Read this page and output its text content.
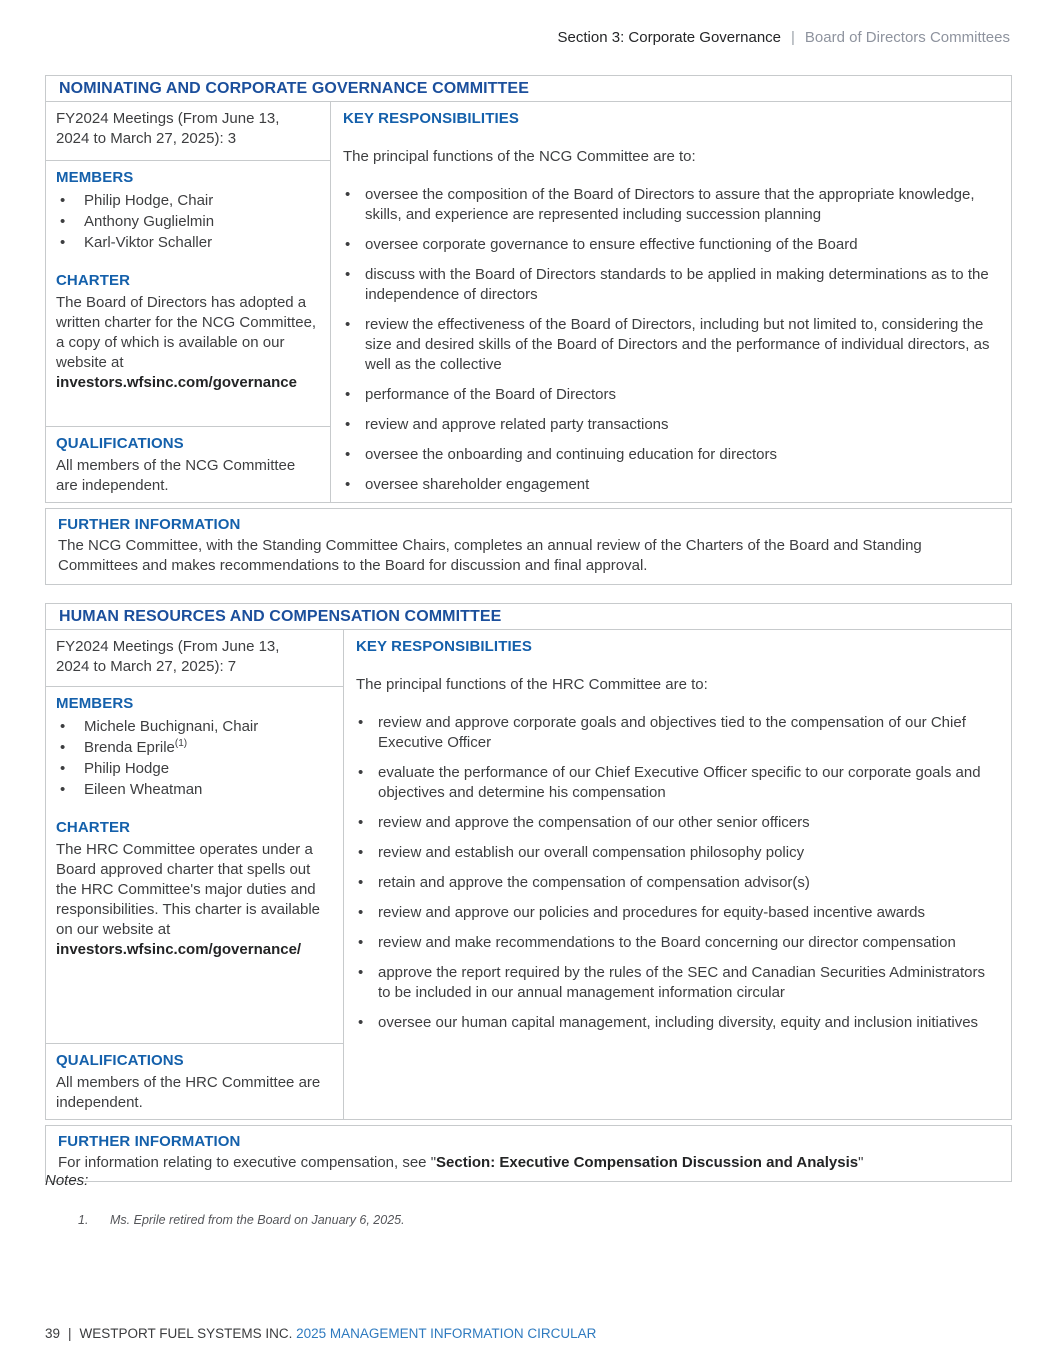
Section 3: Corporate Governance | Board of Directors Committees
NOMINATING AND CORPORATE GOVERNANCE COMMITTEE
FY2024 Meetings (From June 13, 2024 to March 27, 2025): 3
MEMBERS
•	Philip Hodge, Chair
•	Anthony Guglielmin
•	Karl-Viktor Schaller
CHARTER
The Board of Directors has adopted a written charter for the NCG Committee, a copy of which is available on our website at investors.wfsinc.com/governance
QUALIFICATIONS
All members of the NCG Committee are independent.
KEY RESPONSIBILITIES
The principal functions of the NCG Committee are to:
• oversee the composition of the Board of Directors to assure that the appropriate knowledge, skills, and experience are represented including succession planning
• oversee corporate governance to ensure effective functioning of the Board
• discuss with the Board of Directors standards to be applied in making determinations as to the independence of directors
• review the effectiveness of the Board of Directors, including but not limited to, considering the size and desired skills of the Board of Directors and the performance of individual directors, as well as the collective
• performance of the Board of Directors
• review and approve related party transactions
• oversee the onboarding and continuing education for directors
• oversee shareholder engagement
FURTHER INFORMATION
The NCG Committee, with the Standing Committee Chairs, completes an annual review of the Charters of the Board and Standing Committees and makes recommendations to the Board for discussion and final approval.
HUMAN RESOURCES AND COMPENSATION COMMITTEE
FY2024 Meetings (From June 13, 2024 to March 27, 2025): 7
MEMBERS
•	Michele Buchignani, Chair
•	Brenda Eprile$^{(1)}$
•	Philip Hodge
•	Eileen Wheatman
CHARTER
The HRC Committee operates under a Board approved charter that spells out the HRC Committee's major duties and responsibilities. This charter is available on our website at investors.wfsinc.com/governance/
QUALIFICATIONS
All members of the HRC Committee are independent.
KEY RESPONSIBILITIES
The principal functions of the HRC Committee are to:
• review and approve corporate goals and objectives tied to the compensation of our Chief Executive Officer
• evaluate the performance of our Chief Executive Officer specific to our corporate goals and objectives and determine his compensation
• review and approve the compensation of our other senior officers
• review and establish our overall compensation philosophy policy
• retain and approve the compensation of compensation advisor(s)
• review and approve our policies and procedures for equity-based incentive awards
• review and make recommendations to the Board concerning our director compensation
• approve the report required by the rules of the SEC and Canadian Securities Administrators to be included in our annual management information circular
• oversee our human capital management, including diversity, equity and inclusion initiatives
FURTHER INFORMATION
For information relating to executive compensation, see "Section: Executive Compensation Discussion and Analysis"
Notes:
1. Ms. Eprile retired from the Board on January 6, 2025.
39 | WESTPORT FUEL SYSTEMS INC. 2025 MANAGEMENT INFORMATION CIRCULAR
